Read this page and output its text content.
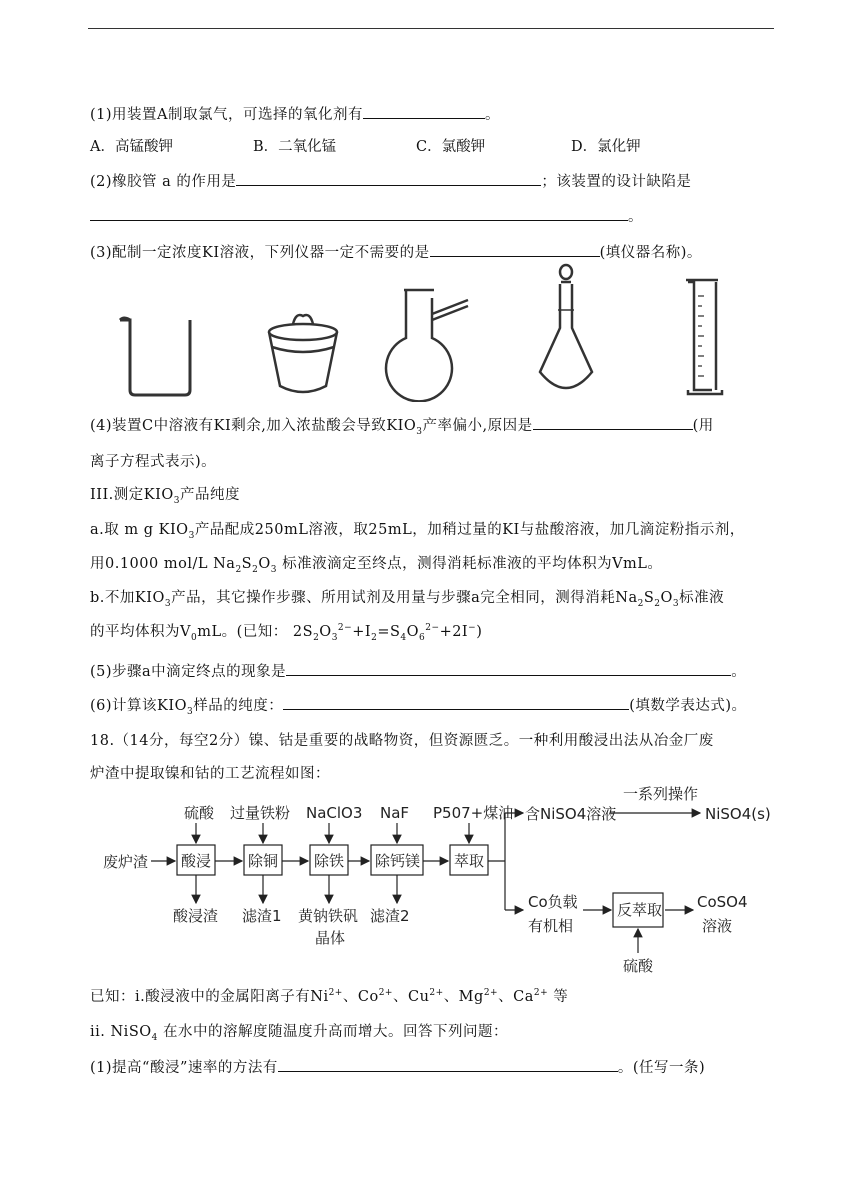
(1)用装置A制取氯气，可选择的氧化剂有	。
A．高锰酸钾	B．二氧化锰	C．氯酸钾	D．氯化钾
(2)橡胶管 a 的作用是	；该装置的设计缺陷是
。
(3)配制一定浓度KI溶液，下列仪器一定不需要的是	(填仪器名称)。
(4)装置C中溶液有KI剩余,加入浓盐酸会导致$KIO_3$产率偏小,原因是	(用
离子方程式表示)。
III.测定$KIO_3$产品纯度
a.取 m g $KIO_3$产品配成250mL溶液，取25mL，加稍过量的KI与盐酸溶液，加几滴淀粉指示剂，
用0.1000 mol/L $Na_2S_2O_3$ 标准液滴定至终点，测得消耗标准液的平均体积为VmL。
b.不加$KIO_3$产品，其它操作步骤、所用试剂及用量与步骤a完全相同，测得消耗$Na_2S_2O_3$标准液
的平均体积为$V_0mL$。(已知： $2S_2O_3^{2-}+I_2=S_4O_6^{2-}+2I^-$)
(5)步骤a中滴定终点的现象是	。
(6)计算该$KIO_3$样品的纯度：	(填数学表达式)。
18.（14分，每空2分）镍、钴是重要的战略物资，但资源匮乏。一种利用酸浸出法从冶金厂废
炉渣中提取镍和钴的工艺流程如图：
废炉渣
硫酸 过量铁粉 NaClO3 NaF P507+煤油
酸浸渣 滤渣1 黄钠铁矾
晶体
滤渣2
含NiSO4溶液
一系列操作
NiSO4(s)
Co负载
有机相
CoSO4
溶液
硫酸
酸浸 除铜 除铁 除钙镁 萃取
反萃取
已知：i.酸浸液中的金属阳离子有$Ni^{2+}$、$Co^{2+}$、$Cu^{2+}$、$Mg^{2+}$、$Ca^{2+}$ 等
ii. NiSO$_4$ 在水中的溶解度随温度升高而增大。回答下列问题：
(1)提高“酸浸”速率的方法有	。(任写一条)
